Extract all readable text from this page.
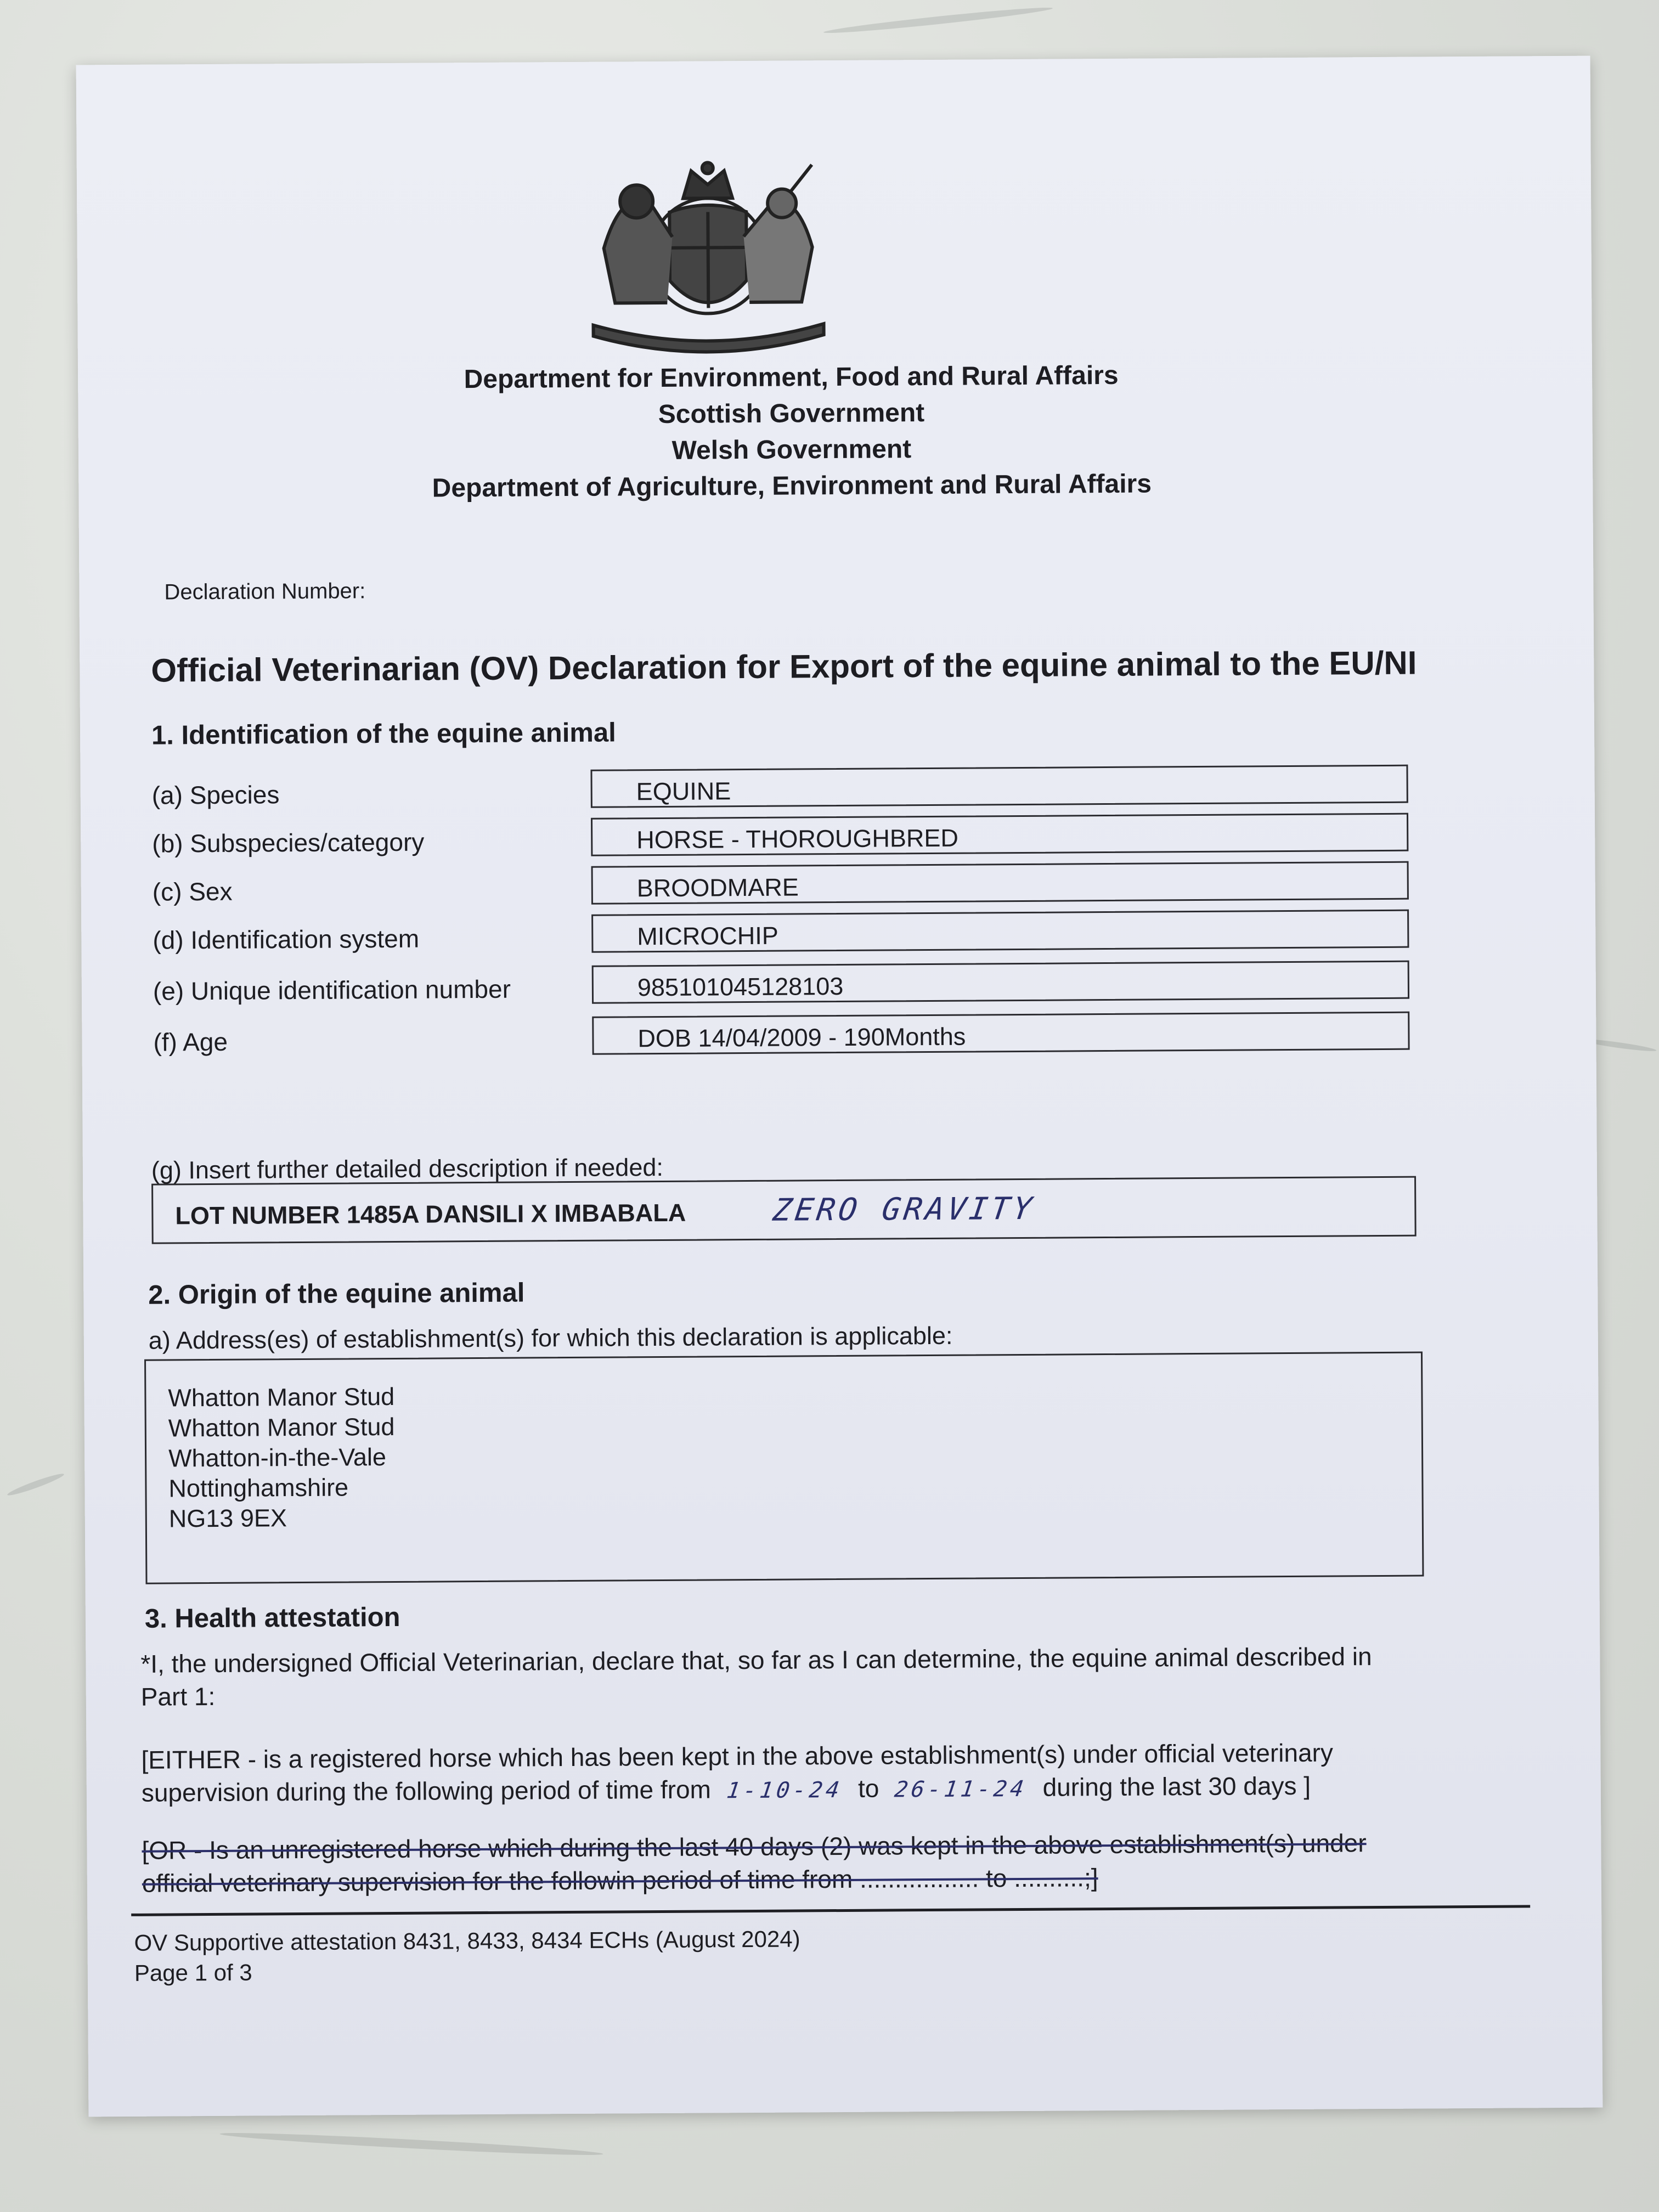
Department for Environment, Food and Rural Affairs
Scottish Government
Welsh Government
Department of Agriculture, Environment and Rural Affairs
Declaration Number:
Official Veterinarian (OV) Declaration for Export of the equine animal to the EU/NI
1. Identification of the equine animal
(a) Species	EQUINE
(b) Subspecies/category	HORSE - THOROUGHBRED
(c) Sex	BROODMARE
(d) Identification system	MICROCHIP
(e) Unique identification number	985101045128103
(f) Age	DOB 14/04/2009 - 190Months
(g) Insert further detailed description if needed:
LOT NUMBER 1485A DANSILI X IMBABALA	ZERO GRAVITY
2. Origin of the equine animal
a) Address(es) of establishment(s) for which this declaration is applicable:
Whatton Manor Stud
Whatton Manor Stud
Whatton-in-the-Vale
Nottinghamshire
NG13 9EX
3. Health attestation
*I, the undersigned Official Veterinarian, declare that, so far as I can determine, the equine animal described in Part 1:
[EITHER - is a registered horse which has been kept in the above establishment(s) under official veterinary supervision during the following period of time from 1-10-24 to 26-11-24 during the last 30 days ]
[OR - Is an unregistered horse which during the last 40 days (2) was kept in the above establishment(s) under official veterinary supervision for the followin period of time from ................. to ..........;]
OV Supportive attestation 8431, 8433, 8434 ECHs (August 2024)
Page 1 of 3
